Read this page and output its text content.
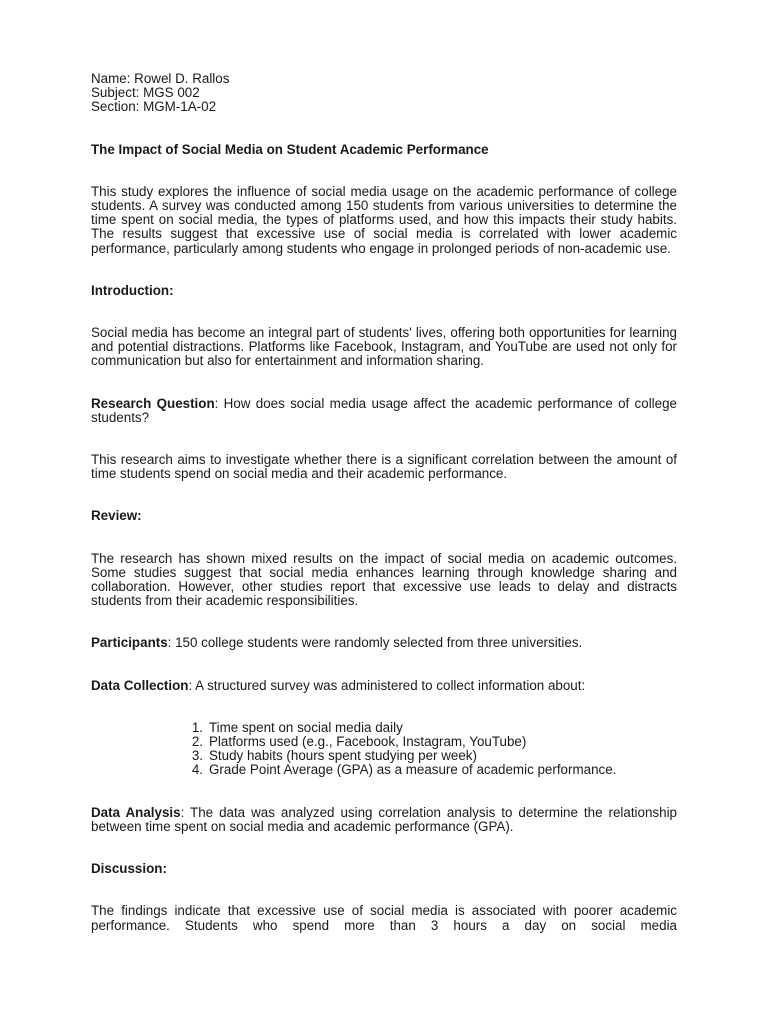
Name: Rowel D. Rallos
Subject: MGS 002
Section: MGM-1A-02
The Impact of Social Media on Student Academic Performance

This study explores the influence of social media usage on the academic performance of college students. A survey was conducted among 150 students from various universities to determine the time spent on social media, the types of platforms used, and how this impacts their study habits. The results suggest that excessive use of social media is correlated with lower academic performance, particularly among students who engage in prolonged periods of non-academic use.

Introduction:

Social media has become an integral part of students' lives, offering both opportunities for learning and potential distractions. Platforms like Facebook, Instagram, and YouTube are used not only for communication but also for entertainment and information sharing.

Research Question: How does social media usage affect the academic performance of college students?

This research aims to investigate whether there is a significant correlation between the amount of time students spend on social media and their academic performance.

Review:

The research has shown mixed results on the impact of social media on academic outcomes. Some studies suggest that social media enhances learning through knowledge sharing and collaboration. However, other studies report that excessive use leads to delay and distracts students from their academic responsibilities.

Participants: 150 college students were randomly selected from three universities.

Data Collection: A structured survey was administered to collect information about:

1. Time spent on social media daily
2. Platforms used (e.g., Facebook, Instagram, YouTube)
3. Study habits (hours spent studying per week)
4. Grade Point Average (GPA) as a measure of academic performance.

Data Analysis: The data was analyzed using correlation analysis to determine the relationship between time spent on social media and academic performance (GPA).

Discussion:

The findings indicate that excessive use of social media is associated with poorer academic performance. Students who spend more than 3 hours a day on social media
